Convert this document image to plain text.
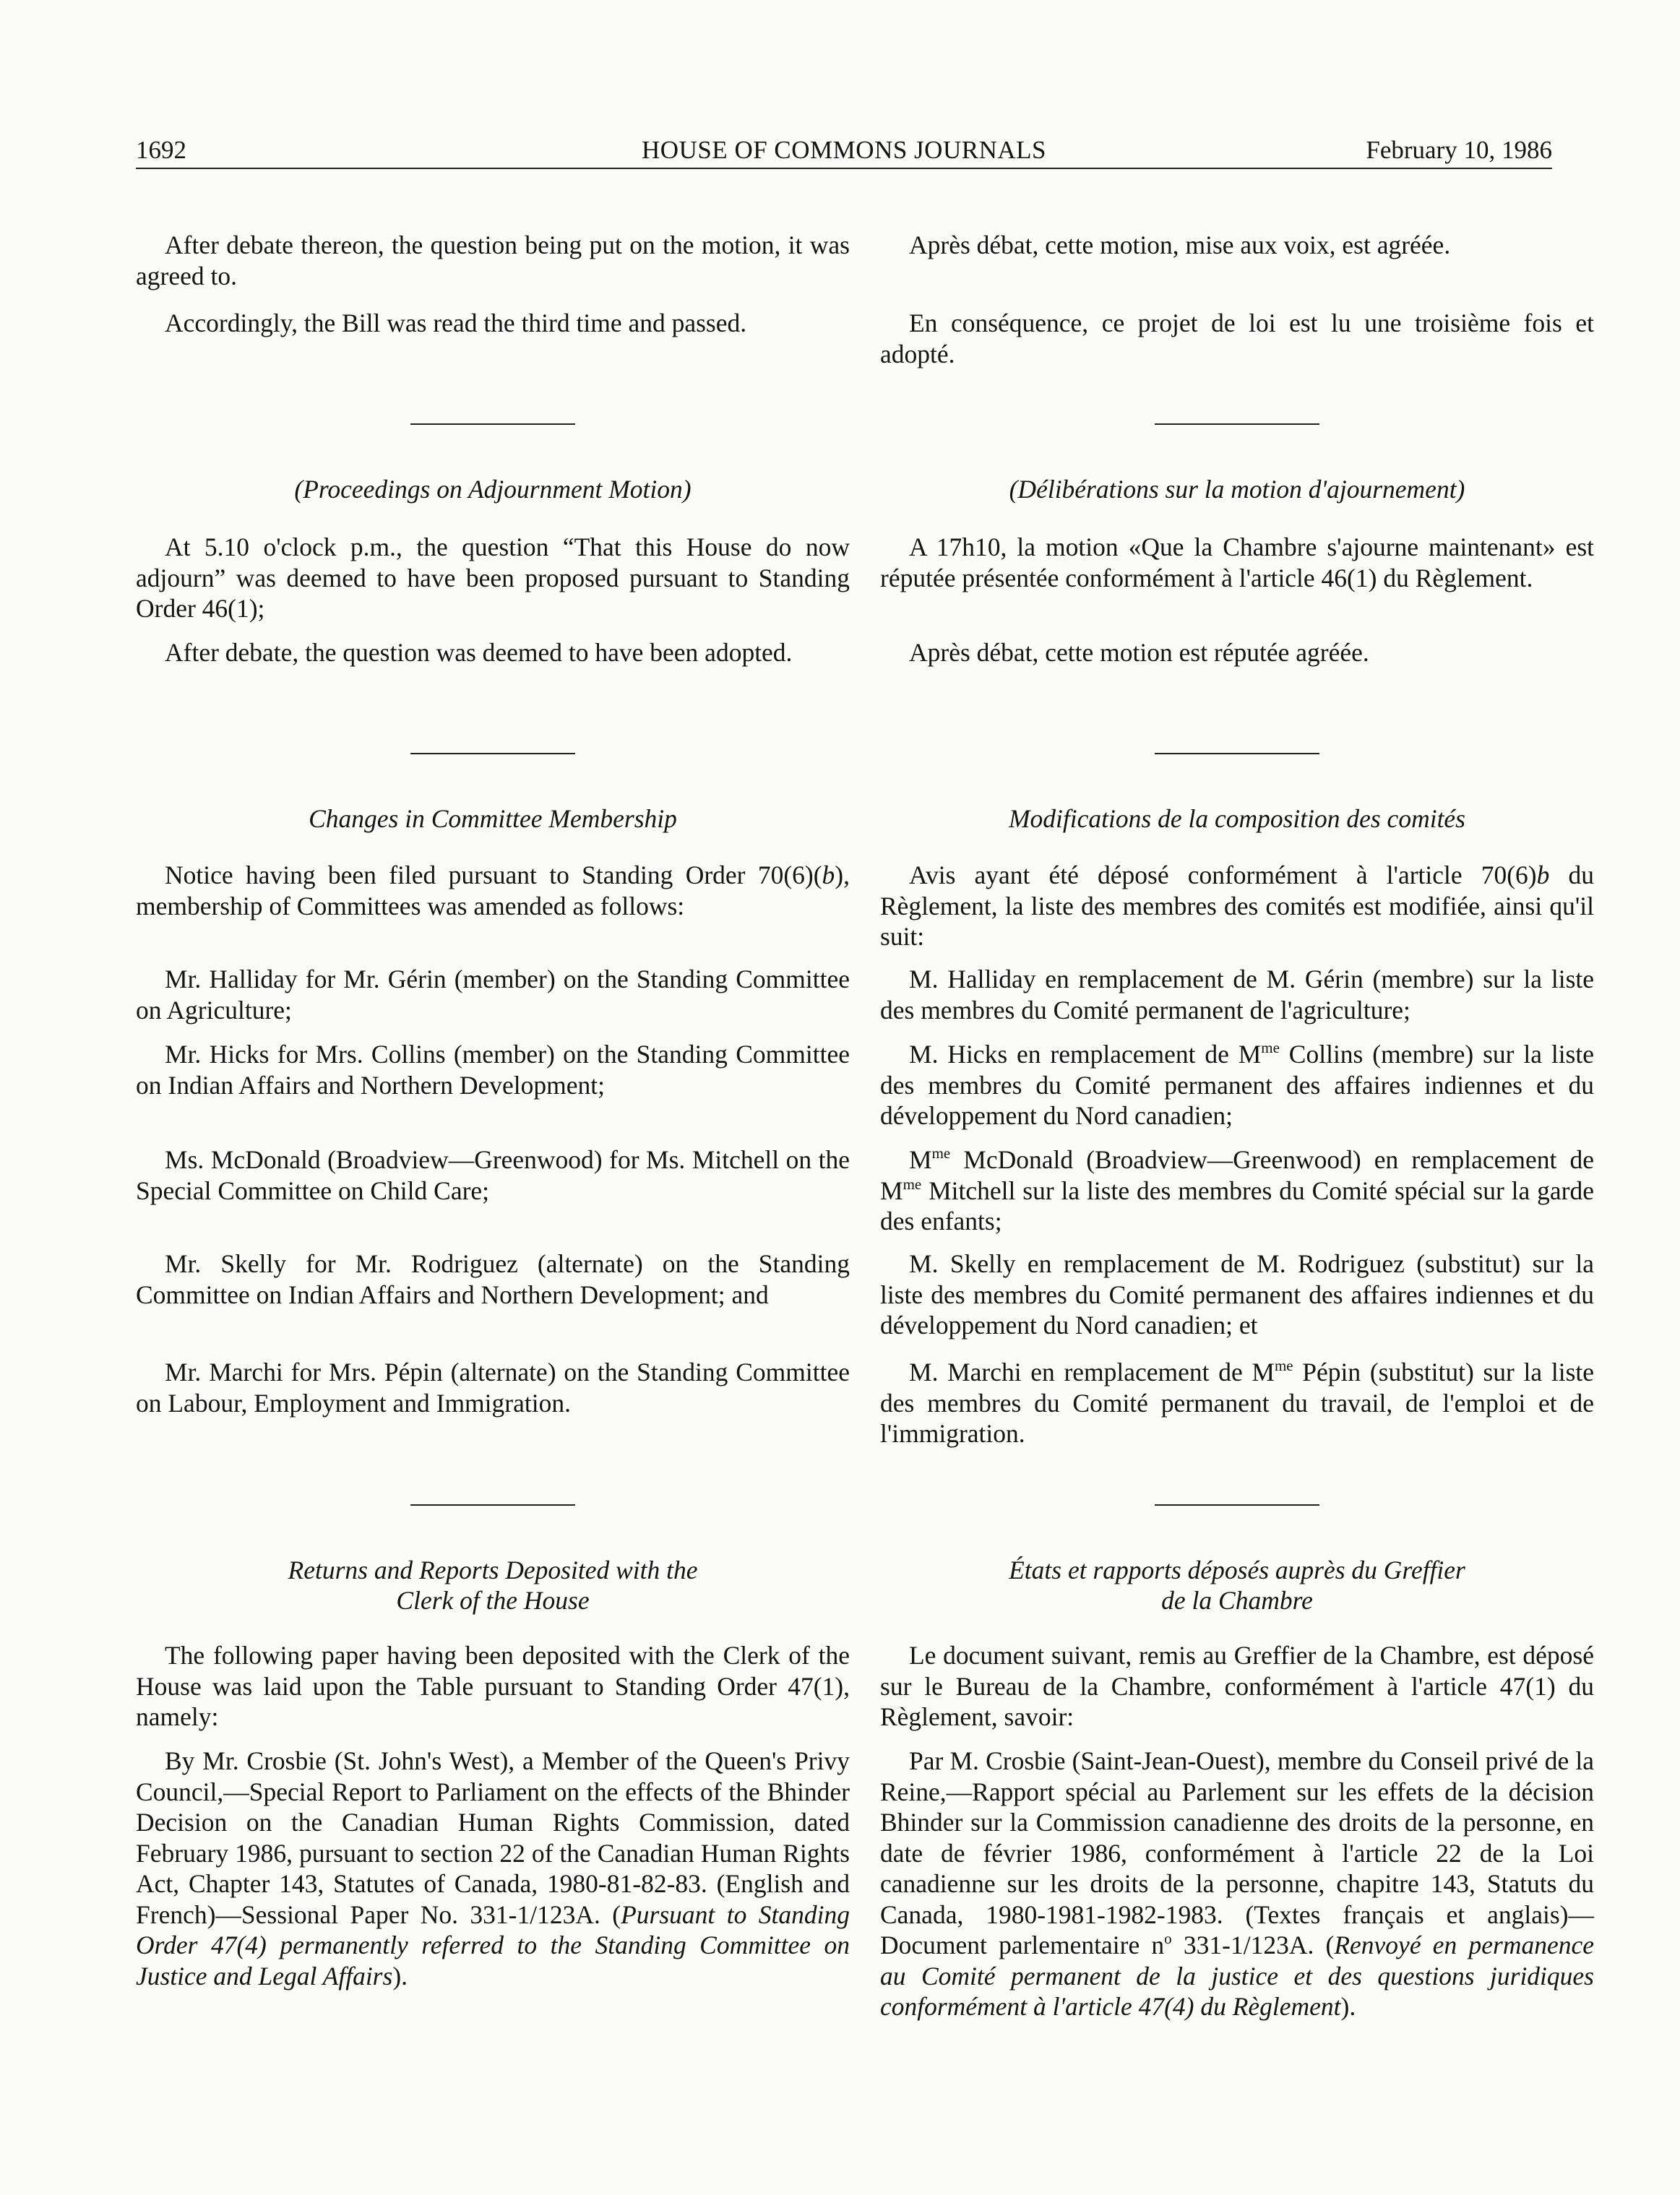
1692	HOUSE OF COMMONS JOURNALS	February 10, 1986

After debate thereon, the question being put on the motion, it was agreed to.

Accordingly, the Bill was read the third time and passed.

(Proceedings on Adjournment Motion)

At 5.10 o'clock p.m., the question “That this House do now adjourn” was deemed to have been proposed pursuant to Standing Order 46(1);

After debate, the question was deemed to have been adopted.

Changes in Committee Membership

Notice having been filed pursuant to Standing Order 70(6)(b), membership of Committees was amended as follows:

Mr. Halliday for Mr. Gérin (member) on the Standing Committee on Agriculture;

Mr. Hicks for Mrs. Collins (member) on the Standing Committee on Indian Affairs and Northern Development;

Ms. McDonald (Broadview—Greenwood) for Ms. Mitchell on the Special Committee on Child Care;

Mr. Skelly for Mr. Rodriguez (alternate) on the Standing Committee on Indian Affairs and Northern Development; and

Mr. Marchi for Mrs. Pépin (alternate) on the Standing Committee on Labour, Employment and Immigration.

Returns and Reports Deposited with the
Clerk of the House

The following paper having been deposited with the Clerk of the House was laid upon the Table pursuant to Standing Order 47(1), namely:

By Mr. Crosbie (St. John's West), a Member of the Queen's Privy Council,—Special Report to Parliament on the effects of the Bhinder Decision on the Canadian Human Rights Commission, dated February 1986, pursuant to section 22 of the Canadian Human Rights Act, Chapter 143, Statutes of Canada, 1980-81-82-83. (English and French)—Sessional Paper No. 331-1/123A. (Pursuant to Standing Order 47(4) permanently referred to the Standing Committee on Justice and Legal Affairs).

Après débat, cette motion, mise aux voix, est agréée.

En conséquence, ce projet de loi est lu une troisième fois et adopté.

(Délibérations sur la motion d'ajournement)

A 17h10, la motion «Que la Chambre s'ajourne maintenant» est réputée présentée conformément à l'article 46(1) du Règlement.

Après débat, cette motion est réputée agréée.

Modifications de la composition des comités

Avis ayant été déposé conformément à l'article 70(6)b du Règlement, la liste des membres des comités est modifiée, ainsi qu'il suit:

M. Halliday en remplacement de M. Gérin (membre) sur la liste des membres du Comité permanent de l'agriculture;

M. Hicks en remplacement de $M^{me}$ Collins (membre) sur la liste des membres du Comité permanent des affaires indiennes et du développement du Nord canadien;

$M^{me}$ McDonald (Broadview—Greenwood) en remplacement de $M^{me}$ Mitchell sur la liste des membres du Comité spécial sur la garde des enfants;

M. Skelly en remplacement de M. Rodriguez (substitut) sur la liste des membres du Comité permanent des affaires indiennes et du développement du Nord canadien; et

M. Marchi en remplacement de $M^{me}$ Pépin (substitut) sur la liste des membres du Comité permanent du travail, de l'emploi et de l'immigration.

États et rapports déposés auprès du Greffier
de la Chambre

Le document suivant, remis au Greffier de la Chambre, est déposé sur le Bureau de la Chambre, conformément à l'article 47(1) du Règlement, savoir:

Par M. Crosbie (Saint-Jean-Ouest), membre du Conseil privé de la Reine,—Rapport spécial au Parlement sur les effets de la décision Bhinder sur la Commission canadienne des droits de la personne, en date de février 1986, conformément à l'article 22 de la Loi canadienne sur les droits de la personne, chapitre 143, Statuts du Canada, 1980-1981-1982-1983. (Textes français et anglais)—Document parlementaire $n^o$ 331-1/123A. (Renvoyé en permanence au Comité permanent de la justice et des questions juridiques conformément à l'article 47(4) du Règlement).
